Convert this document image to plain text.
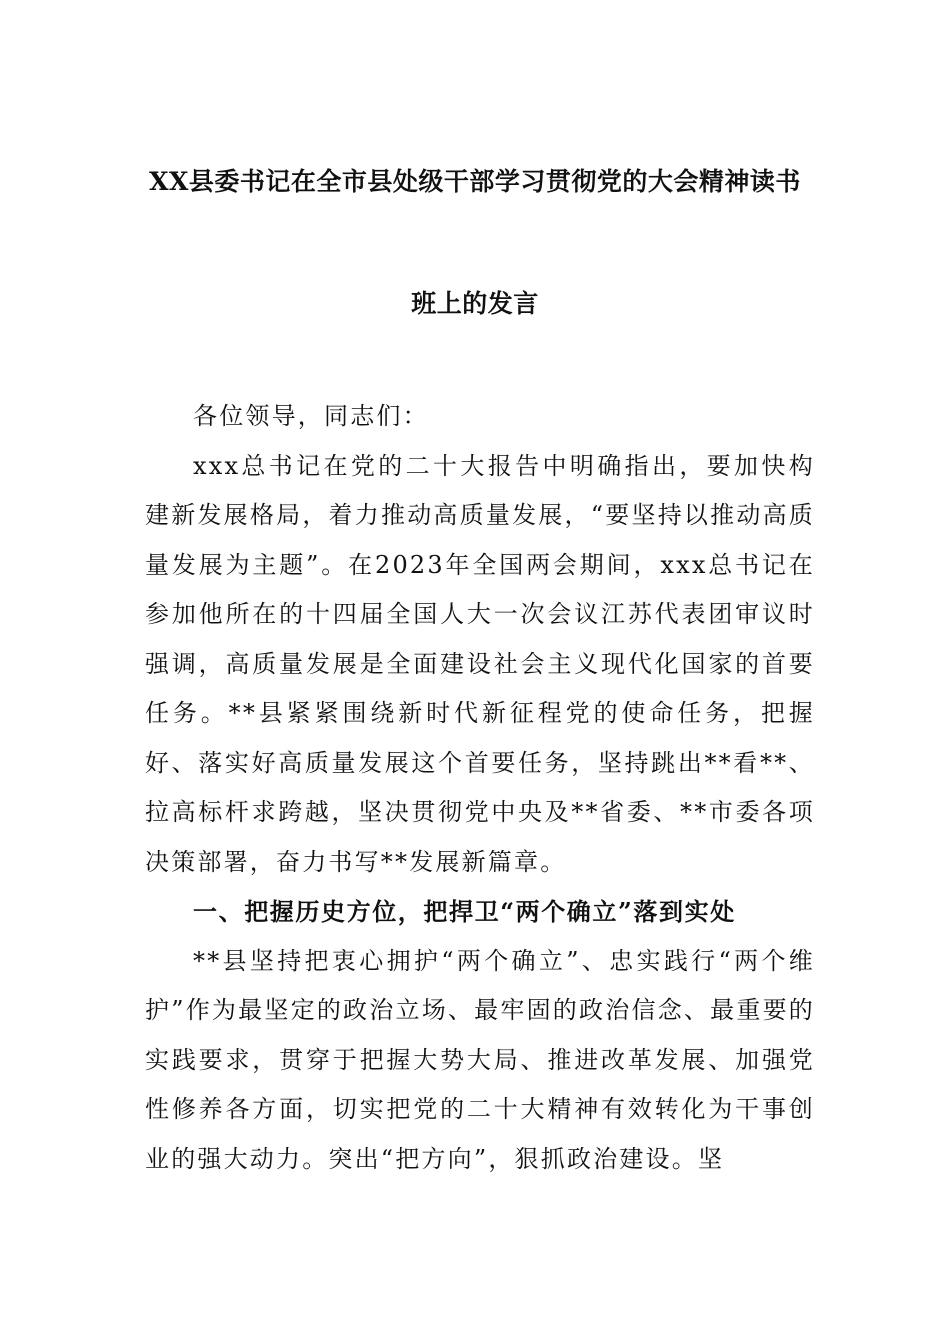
XX县委书记在全市县处级干部学习贯彻党的大会精神读书
班上的发言

各位领导，同志们：

xxx总书记在党的二十大报告中明确指出，要加快构建新发展格局，着力推动高质量发展，“要坚持以推动高质量发展为主题”。在2023年全国两会期间，xxx总书记在参加他所在的十四届全国人大一次会议江苏代表团审议时强调，高质量发展是全面建设社会主义现代化国家的首要任务。**县紧紧围绕新时代新征程党的使命任务，把握好、落实好高质量发展这个首要任务，坚持跳出**看**、拉高标杆求跨越，坚决贯彻党中央及**省委、**市委各项决策部署，奋力书写**发展新篇章。

一、把握历史方位，把捍卫“两个确立”落到实处

**县坚持把衷心拥护“两个确立”、忠实践行“两个维护”作为最坚定的政治立场、最牢固的政治信念、最重要的实践要求，贯穿于把握大势大局、推进改革发展、加强党性修养各方面，切实把党的二十大精神有效转化为干事创业的强大动力。突出“把方向”，狠抓政治建设。坚
